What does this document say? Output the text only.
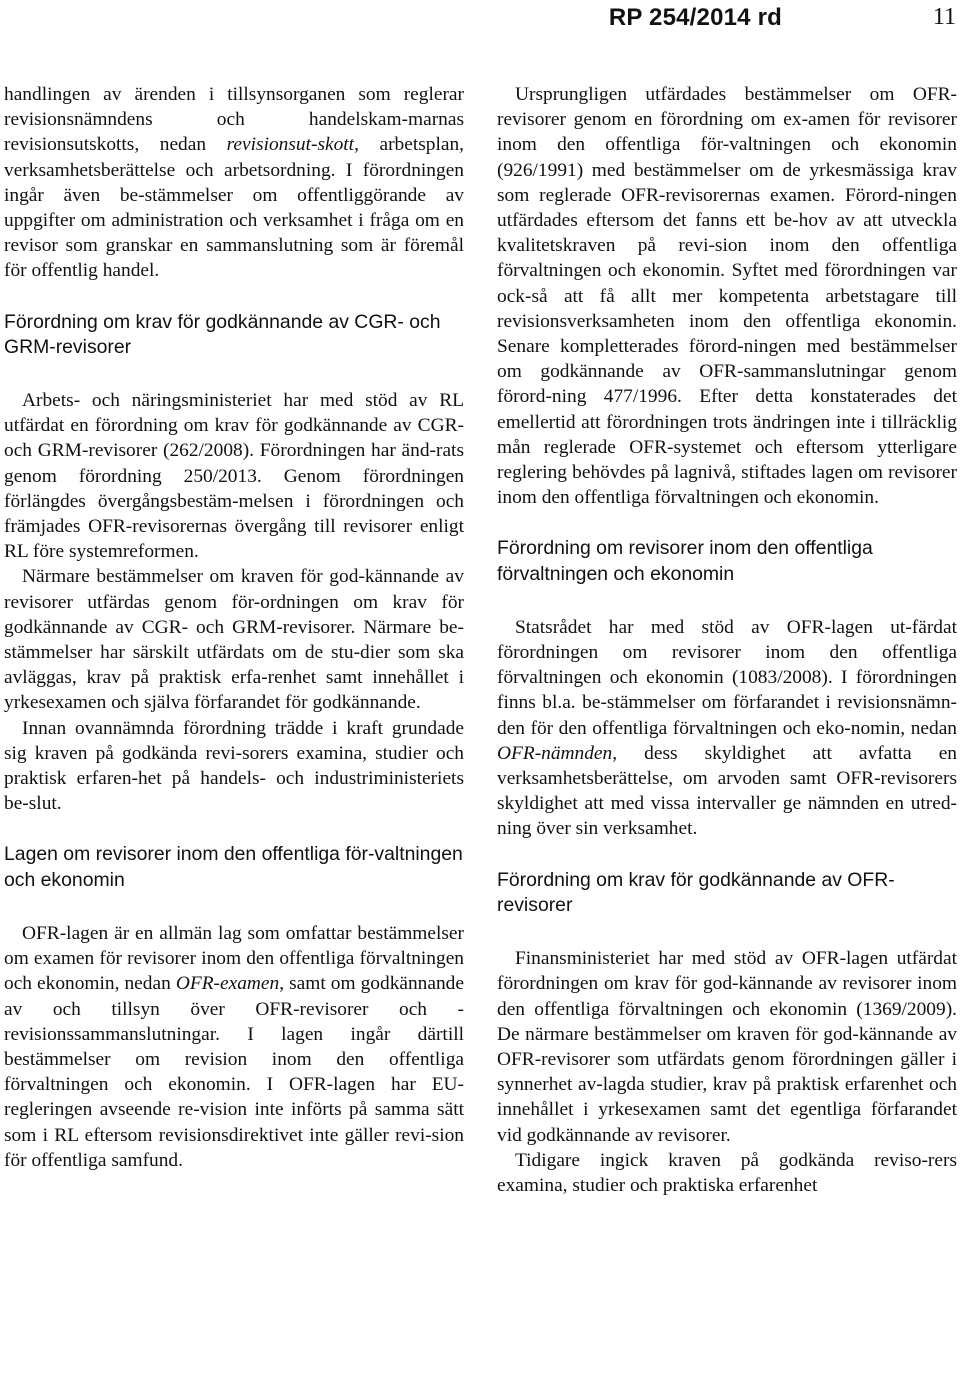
RP 254/2014 rd	11

handlingen av ärenden i tillsynsorganen som reglerar revisionsnämndens och handelskam-marnas revisionsutskotts, nedan revisionsut-skott, arbetsplan, verksamhetsberättelse och arbetsordning. I förordningen ingår även be-stämmelser om offentliggörande av uppgifter om administration och verksamhet i fråga om en revisor som granskar en sammanslutning som är föremål för offentlig handel.

Förordning om krav för godkännande av CGR- och GRM-revisorer

Arbets- och näringsministeriet har med stöd av RL utfärdat en förordning om krav för godkännande av CGR- och GRM-revisorer (262/2008). Förordningen har änd-rats genom förordning 250/2013. Genom förordningen förlängdes övergångsbestäm-melsen i förordningen och främjades OFR-revisorernas övergång till revisorer enligt RL före systemreformen.

Närmare bestämmelser om kraven för god-kännande av revisorer utfärdas genom för-ordningen om krav för godkännande av CGR- och GRM-revisorer. Närmare be-stämmelser har särskilt utfärdats om de stu-dier som ska avläggas, krav på praktisk erfa-renhet samt innehållet i yrkesexamen och själva förfarandet för godkännande.

Innan ovannämnda förordning trädde i kraft grundade sig kraven på godkända revi-sorers examina, studier och praktisk erfaren-het på handels- och industriministeriets be-slut.

Lagen om revisorer inom den offentliga för-valtningen och ekonomin

OFR-lagen är en allmän lag som omfattar bestämmelser om examen för revisorer inom den offentliga förvaltningen och ekonomin, nedan OFR-examen, samt om godkännande av och tillsyn över OFR-revisorer och -revisionssammanslutningar. I lagen ingår därtill bestämmelser om revision inom den offentliga förvaltningen och ekonomin. I OFR-lagen har EU-regleringen avseende re-vision inte införts på samma sätt som i RL eftersom revisionsdirektivet inte gäller revi-sion för offentliga samfund.

Ursprungligen utfärdades bestämmelser om OFR-revisorer genom en förordning om ex-amen för revisorer inom den offentliga för-valtningen och ekonomin (926/1991) med bestämmelser om de yrkesmässiga krav som reglerade OFR-revisorernas examen. Förord-ningen utfärdades eftersom det fanns ett be-hov av att utveckla kvalitetskraven på revi-sion inom den offentliga förvaltningen och ekonomin. Syftet med förordningen var ock-så att få allt mer kompetenta arbetstagare till revisionsverksamheten inom den offentliga ekonomin. Senare kompletterades förord-ningen med bestämmelser om godkännande av OFR-sammanslutningar genom förord-ning 477/1996. Efter detta konstaterades det emellertid att förordningen trots ändringen inte i tillräcklig mån reglerade OFR-systemet och eftersom ytterligare reglering behövdes på lagnivå, stiftades lagen om revisorer inom den offentliga förvaltningen och ekonomin.

Förordning om revisorer inom den offentliga förvaltningen och ekonomin

Statsrådet har med stöd av OFR-lagen ut-färdat förordningen om revisorer inom den offentliga förvaltningen och ekonomin (1083/2008). I förordningen finns bl.a. be-stämmelser om förfarandet i revisionsnämn-den för den offentliga förvaltningen och eko-nomin, nedan OFR-nämnden, dess skyldighet att avfatta en verksamhetsberättelse, om arvoden samt OFR-revisorers skyldighet att med vissa intervaller ge nämnden en utred-ning över sin verksamhet.

Förordning om krav för godkännande av OFR-revisorer

Finansministeriet har med stöd av OFR-lagen utfärdat förordningen om krav för god-kännande av revisorer inom den offentliga förvaltningen och ekonomin (1369/2009). De närmare bestämmelser om kraven för god-kännande av OFR-revisorer som utfärdats genom förordningen gäller i synnerhet av-lagda studier, krav på praktisk erfarenhet och innehållet i yrkesexamen samt det egentliga förfarandet vid godkännande av revisorer.

Tidigare ingick kraven på godkända reviso-rers examina, studier och praktiska erfarenhet
